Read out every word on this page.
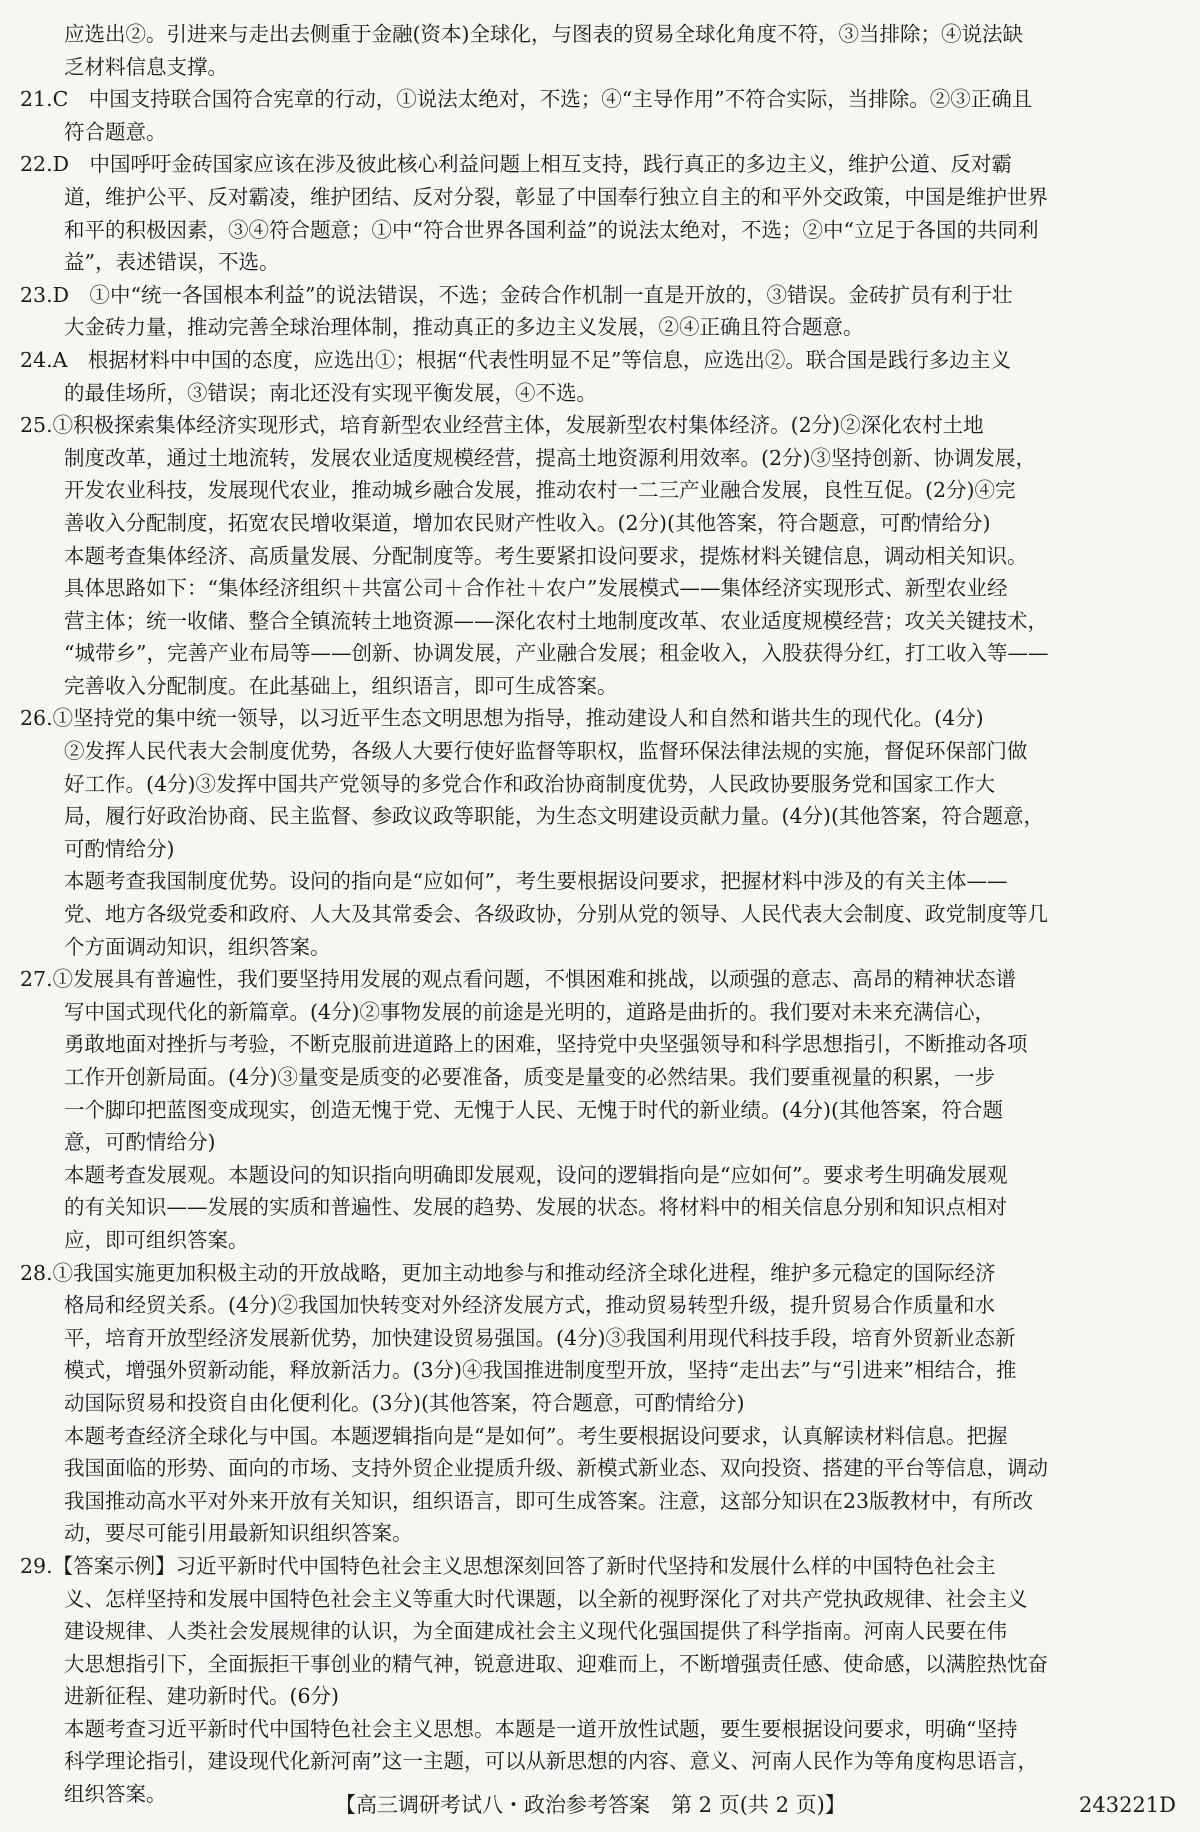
应选出②。引进来与走出去侧重于金融(资本)全球化，与图表的贸易全球化角度不符，③当排除；④说法缺
乏材料信息支撑。
21.C　中国支持联合国符合宪章的行动，①说法太绝对，不选；④“主导作用”不符合实际，当排除。②③正确且
符合题意。
22.D　中国呼吁金砖国家应该在涉及彼此核心利益问题上相互支持，践行真正的多边主义，维护公道、反对霸
道，维护公平、反对霸凌，维护团结、反对分裂，彰显了中国奉行独立自主的和平外交政策，中国是维护世界
和平的积极因素，③④符合题意；①中“符合世界各国利益”的说法太绝对，不选；②中“立足于各国的共同利
益”，表述错误，不选。
23.D　①中“统一各国根本利益”的说法错误，不选；金砖合作机制一直是开放的，③错误。金砖扩员有利于壮
大金砖力量，推动完善全球治理体制，推动真正的多边主义发展，②④正确且符合题意。
24.A　根据材料中中国的态度，应选出①；根据“代表性明显不足”等信息，应选出②。联合国是践行多边主义
的最佳场所，③错误；南北还没有实现平衡发展，④不选。
25.①积极探索集体经济实现形式，培育新型农业经营主体，发展新型农村集体经济。(2分)②深化农村土地
制度改革，通过土地流转，发展农业适度规模经营，提高土地资源利用效率。(2分)③坚持创新、协调发展，
开发农业科技，发展现代农业，推动城乡融合发展，推动农村一二三产业融合发展，良性互促。(2分)④完
善收入分配制度，拓宽农民增收渠道，增加农民财产性收入。(2分)(其他答案，符合题意，可酌情给分)
本题考查集体经济、高质量发展、分配制度等。考生要紧扣设问要求，提炼材料关键信息，调动相关知识。
具体思路如下：“集体经济组织＋共富公司＋合作社＋农户”发展模式——集体经济实现形式、新型农业经
营主体；统一收储、整合全镇流转土地资源——深化农村土地制度改革、农业适度规模经营；攻关关键技术，
“城带乡”，完善产业布局等——创新、协调发展，产业融合发展；租金收入，入股获得分红，打工收入等——
完善收入分配制度。在此基础上，组织语言，即可生成答案。
26.①坚持党的集中统一领导，以习近平生态文明思想为指导，推动建设人和自然和谐共生的现代化。(4分)
②发挥人民代表大会制度优势，各级人大要行使好监督等职权，监督环保法律法规的实施，督促环保部门做
好工作。(4分)③发挥中国共产党领导的多党合作和政治协商制度优势，人民政协要服务党和国家工作大
局，履行好政治协商、民主监督、参政议政等职能，为生态文明建设贡献力量。(4分)(其他答案，符合题意，
可酌情给分)
本题考查我国制度优势。设问的指向是“应如何”，考生要根据设问要求，把握材料中涉及的有关主体——
党、地方各级党委和政府、人大及其常委会、各级政协，分别从党的领导、人民代表大会制度、政党制度等几
个方面调动知识，组织答案。
27.①发展具有普遍性，我们要坚持用发展的观点看问题，不惧困难和挑战，以顽强的意志、高昂的精神状态谱
写中国式现代化的新篇章。(4分)②事物发展的前途是光明的，道路是曲折的。我们要对未来充满信心，
勇敢地面对挫折与考验，不断克服前进道路上的困难，坚持党中央坚强领导和科学思想指引，不断推动各项
工作开创新局面。(4分)③量变是质变的必要准备，质变是量变的必然结果。我们要重视量的积累，一步
一个脚印把蓝图变成现实，创造无愧于党、无愧于人民、无愧于时代的新业绩。(4分)(其他答案，符合题
意，可酌情给分)
本题考查发展观。本题设问的知识指向明确即发展观，设问的逻辑指向是“应如何”。要求考生明确发展观
的有关知识——发展的实质和普遍性、发展的趋势、发展的状态。将材料中的相关信息分别和知识点相对
应，即可组织答案。
28.①我国实施更加积极主动的开放战略，更加主动地参与和推动经济全球化进程，维护多元稳定的国际经济
格局和经贸关系。(4分)②我国加快转变对外经济发展方式，推动贸易转型升级，提升贸易合作质量和水
平，培育开放型经济发展新优势，加快建设贸易强国。(4分)③我国利用现代科技手段，培育外贸新业态新
模式，增强外贸新动能，释放新活力。(3分)④我国推进制度型开放，坚持“走出去”与“引进来”相结合，推
动国际贸易和投资自由化便利化。(3分)(其他答案，符合题意，可酌情给分)
本题考查经济全球化与中国。本题逻辑指向是“是如何”。考生要根据设问要求，认真解读材料信息。把握
我国面临的形势、面向的市场、支持外贸企业提质升级、新模式新业态、双向投资、搭建的平台等信息，调动
我国推动高水平对外来开放有关知识，组织语言，即可生成答案。注意，这部分知识在23版教材中，有所改
动，要尽可能引用最新知识组织答案。
29.【答案示例】习近平新时代中国特色社会主义思想深刻回答了新时代坚持和发展什么样的中国特色社会主
义、怎样坚持和发展中国特色社会主义等重大时代课题，以全新的视野深化了对共产党执政规律、社会主义
建设规律、人类社会发展规律的认识，为全面建成社会主义现代化强国提供了科学指南。河南人民要在伟
大思想指引下，全面振拒干事创业的精气神，锐意进取、迎难而上，不断增强责任感、使命感，以满腔热忱奋
进新征程、建功新时代。(6分)
本题考查习近平新时代中国特色社会主义思想。本题是一道开放性试题，要生要根据设问要求，明确“坚持
科学理论指引，建设现代化新河南”这一主题，可以从新思想的内容、意义、河南人民作为等角度构思语言，
组织答案。	【高三调研考试八・政治参考答案　第 2 页(共 2 页)】	243221D
